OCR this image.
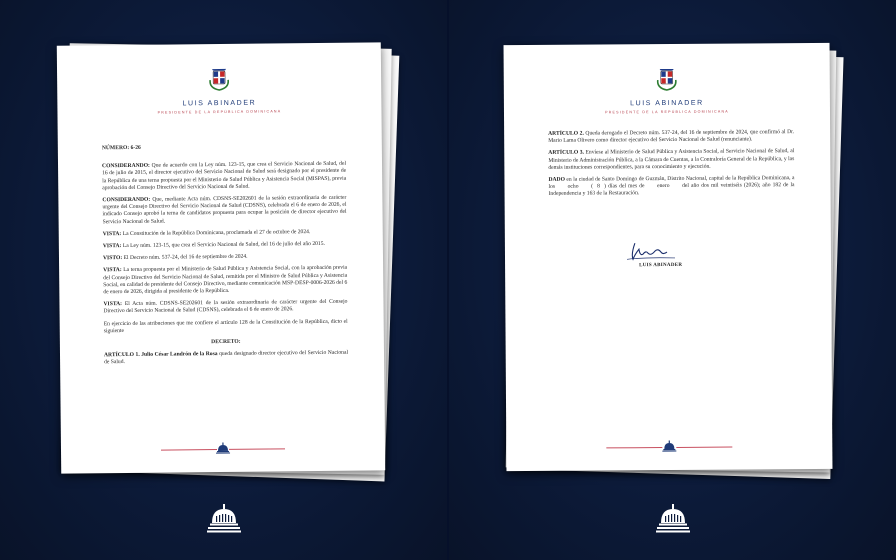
LUIS ABINADER
PRESIDENTE DE LA REPÚBLICA DOMINICANA

NÚMERO: 6-26

CONSIDERANDO: Que de acuerdo con la Ley núm. 123-15, que crea el Servicio Nacional de Salud, del 16 de julio de 2015, el director ejecutivo del Servicio Nacional de Salud será designado por el presidente de la República de una terna propuesta por el Ministerio de Salud Pública y Asistencia Social (MISPAS), previa aprobación del Consejo Directivo del Servicio Nacional de Salud.

CONSIDERANDO: Que, mediante Acta núm. CDSNS-SE202601 de la sesión extraordinaria de carácter urgente del Consejo Directivo del Servicio Nacional de Salud (CDSNS), celebrada el 6 de enero de 2026, el indicado Consejo aprobó la terna de candidatos propuesta para ocupar la posición de director ejecutivo del Servicio Nacional de Salud.

VISTA: La Constitución de la República Dominicana, proclamada el 27 de octubre de 2024.

VISTA: La Ley núm. 123-15, que crea el Servicio Nacional de Salud, del 16 de julio del año 2015.

VISTO: El Decreto núm. 537-24, del 16 de septiembre de 2024.

VISTA: La terna propuesta por el Ministerio de Salud Pública y Asistencia Social, con la aprobación previa del Consejo Directivo del Servicio Nacional de Salud, remitida por el Ministro de Salud Pública y Asistencia Social, en calidad de presidente del Consejo Directivo, mediante comunicación MSP-DESP-0006-2026 del 6 de enero de 2026, dirigida al presidente de la República.

VISTA: El Acta núm. CDSNS-SE202601 de la sesión extraordinaria de carácter urgente del Consejo Directivo del Servicio Nacional de Salud (CDSNS), celebrada el 6 de enero de 2026.

En ejercicio de las atribuciones que me confiere el artículo 128 de la Constitución de la República, dicto el siguiente

DECRETO:

ARTÍCULO 1. Julio César Landrón de la Rosa queda designado director ejecutivo del Servicio Nacional de Salud.

LUIS ABINADER
PRESIDENTE DE LA REPÚBLICA DOMINICANA

ARTÍCULO 2. Queda derogado el Decreto núm. 537-24, del 16 de septiembre de 2024, que confirmó al Dr. Mario Lama Olivero como director ejecutivo del Servicio Nacional de Salud (renunciante).

ARTÍCULO 3. Envíese al Ministerio de Salud Pública y Asistencia Social, al Servicio Nacional de Salud, al Ministerio de Administración Pública, a la Cámara de Cuentas, a la Contraloría General de la República, y las demás instituciones correspondientes, para su conocimiento y ejecución.

DADO en la ciudad de Santo Domingo de Guzmán, Distrito Nacional, capital de la República Dominicana, a los      ocho      (  8  ) días del mes de      enero      del año dos mil veintiséis (2026); año 182 de la Independencia y 163 de la Restauración.

LUIS ABINADER
